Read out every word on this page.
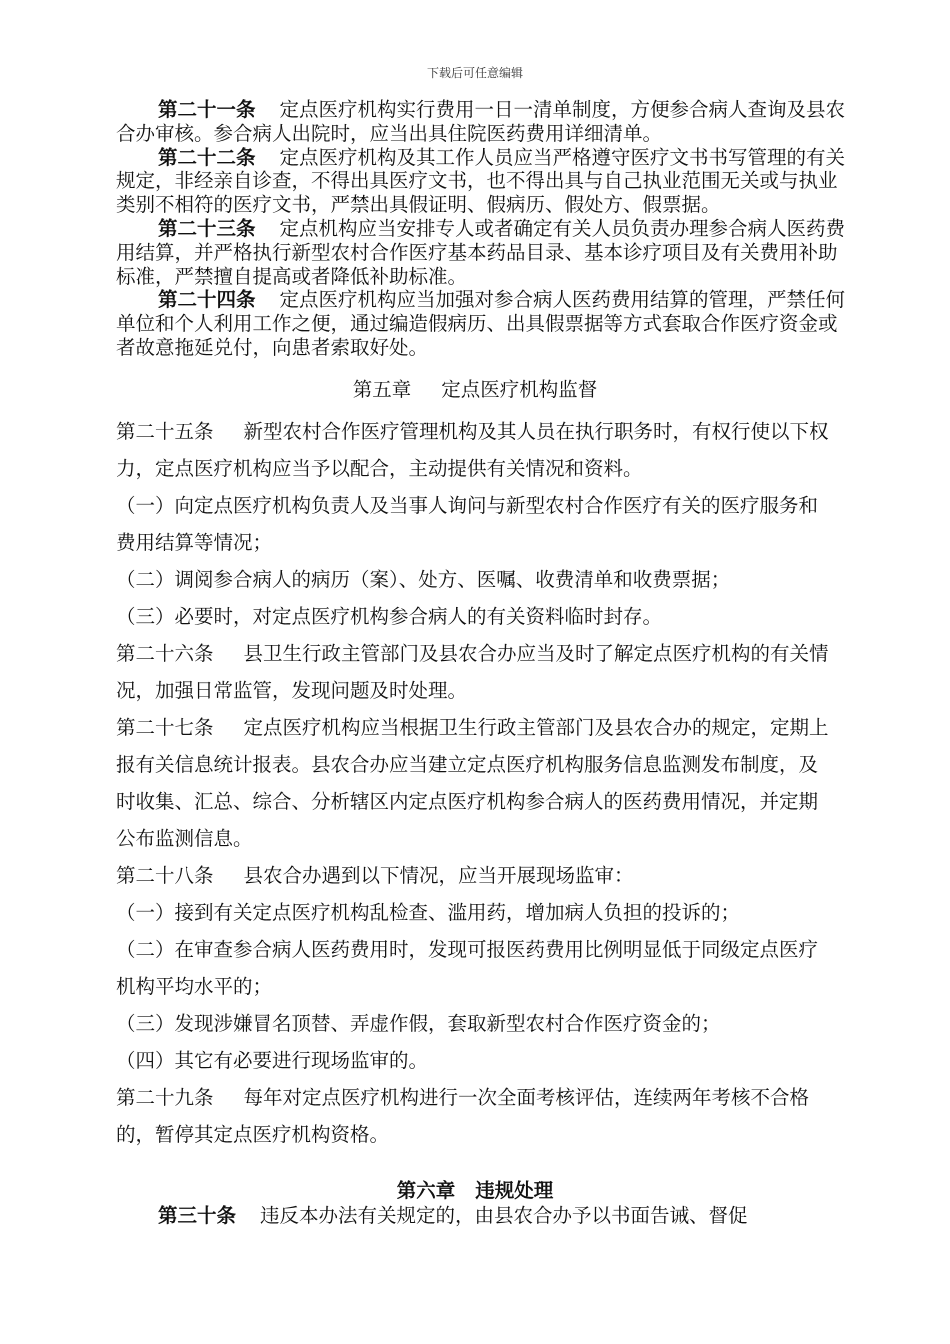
下载后可任意编辑

第二十一条 定点医疗机构实行费用一日一清单制度，方便参合病人查询及县农合办审核。参合病人出院时，应当出具住院医药费用详细清单。

第二十二条 定点医疗机构及其工作人员应当严格遵守医疗文书书写管理的有关规定，非经亲自诊查，不得出具医疗文书，也不得出具与自己执业范围无关或与执业类别不相符的医疗文书，严禁出具假证明、假病历、假处方、假票据。

第二十三条 定点机构应当安排专人或者确定有关人员负责办理参合病人医药费用结算，并严格执行新型农村合作医疗基本药品目录、基本诊疗项目及有关费用补助标准，严禁擅自提高或者降低补助标准。

第二十四条 定点医疗机构应当加强对参合病人医药费用结算的管理，严禁任何单位和个人利用工作之便，通过编造假病历、出具假票据等方式套取合作医疗资金或者故意拖延兑付，向患者索取好处。

第五章 定点医疗机构监督

第二十五条 新型农村合作医疗管理机构及其人员在执行职务时，有权行使以下权力，定点医疗机构应当予以配合，主动提供有关情况和资料。

（一）向定点医疗机构负责人及当事人询问与新型农村合作医疗有关的医疗服务和费用结算等情况；

（二）调阅参合病人的病历（案）、处方、医嘱、收费清单和收费票据；

（三）必要时，对定点医疗机构参合病人的有关资料临时封存。

第二十六条 县卫生行政主管部门及县农合办应当及时了解定点医疗机构的有关情况，加强日常监管，发现问题及时处理。

第二十七条 定点医疗机构应当根据卫生行政主管部门及县农合办的规定，定期上报有关信息统计报表。县农合办应当建立定点医疗机构服务信息监测发布制度，及时收集、汇总、综合、分析辖区内定点医疗机构参合病人的医药费用情况，并定期公布监测信息。

第二十八条 县农合办遇到以下情况，应当开展现场监审：

（一）接到有关定点医疗机构乱检查、滥用药，增加病人负担的投诉的；

（二）在审查参合病人医药费用时，发现可报医药费用比例明显低于同级定点医疗机构平均水平的；

（三）发现涉嫌冒名顶替、弄虚作假，套取新型农村合作医疗资金的；

（四）其它有必要进行现场监审的。

第二十九条 每年对定点医疗机构进行一次全面考核评估，连续两年考核不合格的，暂停其定点医疗机构资格。

第六章 违规处理

第三十条 违反本办法有关规定的，由县农合办予以书面告诫、督促
